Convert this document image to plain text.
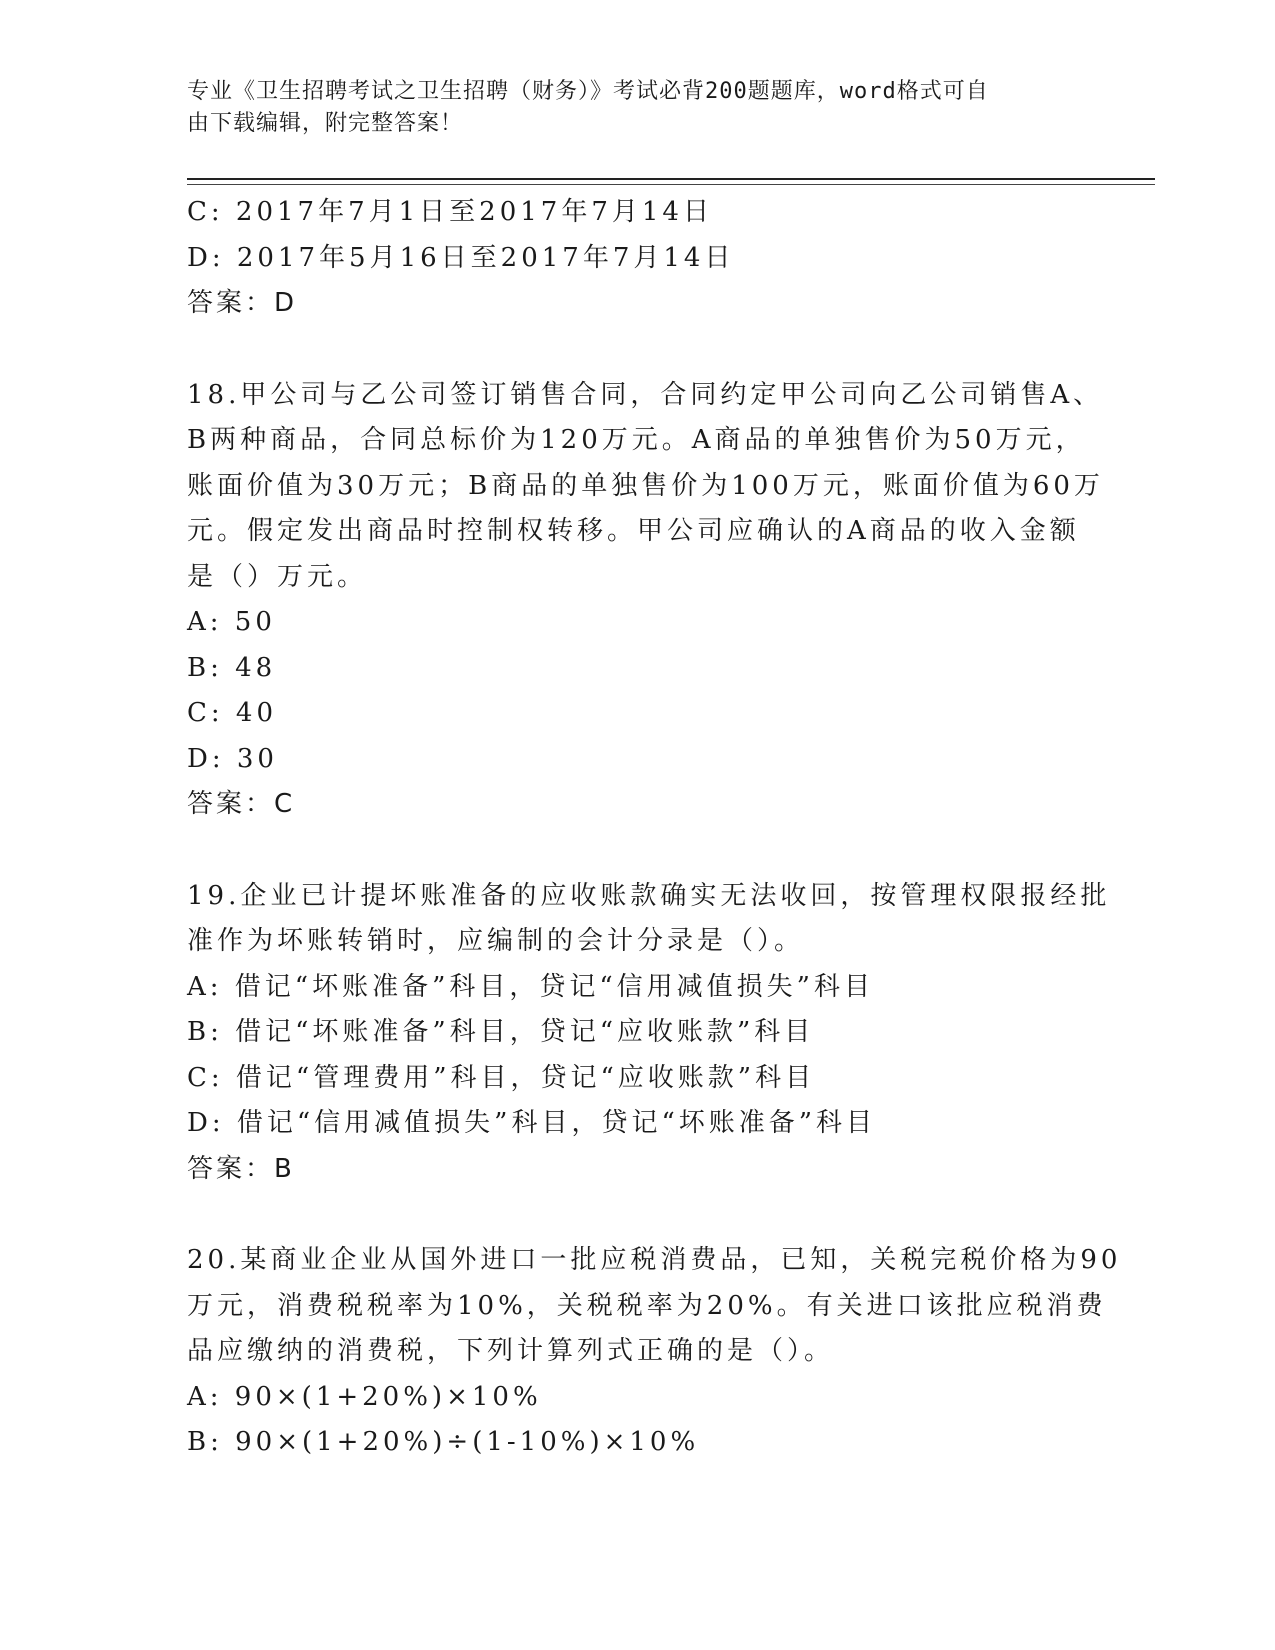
专业《卫生招聘考试之卫生招聘（财务）》考试必背200题题库，word格式可自
由下载编辑，附完整答案！
C: 2017年7月1日至2017年7月14日
D: 2017年5月16日至2017年7月14日
答案：D
18.甲公司与乙公司签订销售合同，合同约定甲公司向乙公司销售A、
B两种商品，合同总标价为120万元。A商品的单独售价为50万元，
账面价值为30万元；B商品的单独售价为100万元，账面价值为60万
元。假定发出商品时控制权转移。甲公司应确认的A商品的收入金额
是（）万元。
A: 50
B: 48
C: 40
D: 30
答案：C
19.企业已计提坏账准备的应收账款确实无法收回，按管理权限报经批
准作为坏账转销时，应编制的会计分录是（）。
A: 借记“坏账准备”科目，贷记“信用减值损失”科目
B: 借记“坏账准备”科目，贷记“应收账款”科目
C: 借记“管理费用”科目，贷记“应收账款”科目
D: 借记“信用减值损失”科目，贷记“坏账准备”科目
答案：B
20.某商业企业从国外进口一批应税消费品，已知，关税完税价格为90
万元，消费税税率为10%，关税税率为20%。有关进口该批应税消费
品应缴纳的消费税，下列计算列式正确的是（）。
A: 90×(1+20%)×10%
B: 90×(1+20%)÷(1-10%)×10%
